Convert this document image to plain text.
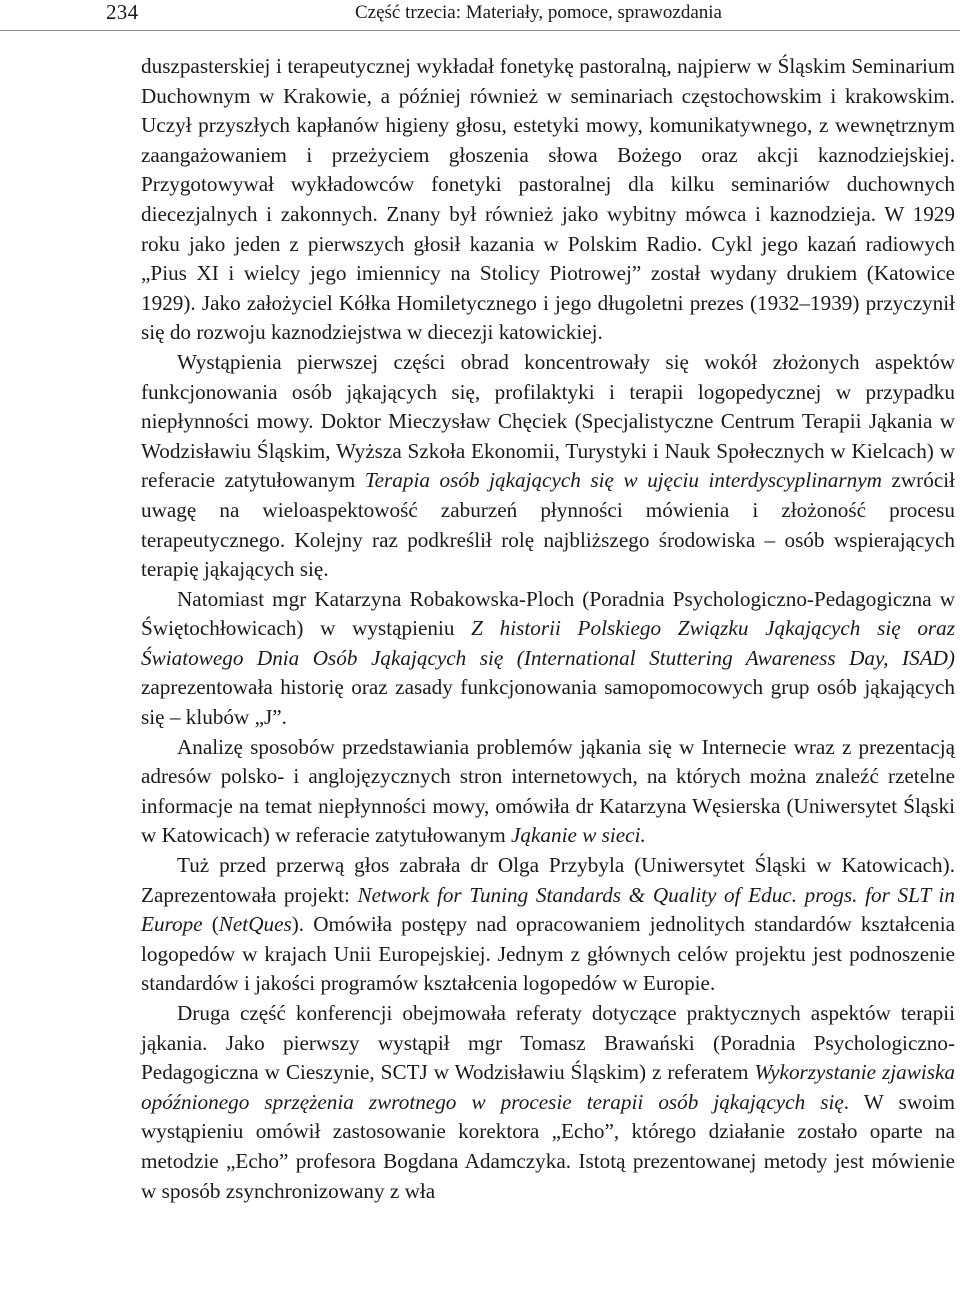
234	Część trzecia: Materiały, pomoce, sprawozdania

duszpasterskiej i terapeutycznej wykładał fonetykę pastoralną, najpierw w Śląskim Seminarium Duchownym w Krakowie, a później również w seminariach częstochowskim i krakowskim. Uczył przyszłych kapłanów higieny głosu, estetyki mowy, komunikatywnego, z wewnętrznym zaangażowaniem i przeżyciem głoszenia słowa Bożego oraz akcji kaznodziejskiej. Przygotowywał wykładowców fonetyki pastoralnej dla kilku seminariów duchownych diecezjalnych i zakonnych. Znany był również jako wybitny mówca i kaznodzieja. W 1929 roku jako jeden z pierwszych głosił kazania w Polskim Radio. Cykl jego kazań radiowych „Pius XI i wielcy jego imiennicy na Stolicy Piotrowej” został wydany drukiem (Katowice 1929). Jako założyciel Kółka Homiletycznego i jego długoletni prezes (1932–1939) przyczynił się do rozwoju kaznodziejstwa w diecezji katowickiej.

Wystąpienia pierwszej części obrad koncentrowały się wokół złożonych aspektów funkcjonowania osób jąkających się, profilaktyki i terapii logopedycznej w przypadku niepłynności mowy. Doktor Mieczysław Chęciek (Specjalistyczne Centrum Terapii Jąkania w Wodzisławiu Śląskim, Wyższa Szkoła Ekonomii, Turystyki i Nauk Społecznych w Kielcach) w referacie zatytułowanym Terapia osób jąkających się w ujęciu interdyscyplinarnym zwrócił uwagę na wieloaspektowość zaburzeń płynności mówienia i złożoność procesu terapeutycznego. Kolejny raz podkreślił rolę najbliższego środowiska – osób wspierających terapię jąkających się.

Natomiast mgr Katarzyna Robakowska-Ploch (Poradnia Psychologiczno-Pedagogiczna w Świętochłowicach) w wystąpieniu Z historii Polskiego Związku Jąkających się oraz Światowego Dnia Osób Jąkających się (International Stuttering Awareness Day, ISAD) zaprezentowała historię oraz zasady funkcjonowania samopomocowych grup osób jąkających się – klubów „J”.

Analizę sposobów przedstawiania problemów jąkania się w Internecie wraz z prezentacją adresów polsko- i anglojęzycznych stron internetowych, na których można znaleźć rzetelne informacje na temat niepłynności mowy, omówiła dr Katarzyna Węsierska (Uniwersytet Śląski w Katowicach) w referacie zatytułowanym Jąkanie w sieci.

Tuż przed przerwą głos zabrała dr Olga Przybyla (Uniwersytet Śląski w Katowicach). Zaprezentowała projekt: Network for Tuning Standards & Quality of Educ. progs. for SLT in Europe (NetQues). Omówiła postępy nad opracowaniem jednolitych standardów kształcenia logopedów w krajach Unii Europejskiej. Jednym z głównych celów projektu jest podnoszenie standardów i jakości programów kształcenia logopedów w Europie.

Druga część konferencji obejmowała referaty dotyczące praktycznych aspektów terapii jąkania. Jako pierwszy wystąpił mgr Tomasz Brawański (Poradnia Psychologiczno-Pedagogiczna w Cieszynie, SCTJ w Wodzisławiu Śląskim) z referatem Wykorzystanie zjawiska opóźnionego sprzężenia zwrotnego w procesie terapii osób jąkających się. W swoim wystąpieniu omówił zastosowanie korektora „Echo”, którego działanie zostało oparte na metodzie „Echo” profesora Bogdana Adamczyka. Istotą prezentowanej metody jest mówienie w sposób zsynchronizowany z wła
